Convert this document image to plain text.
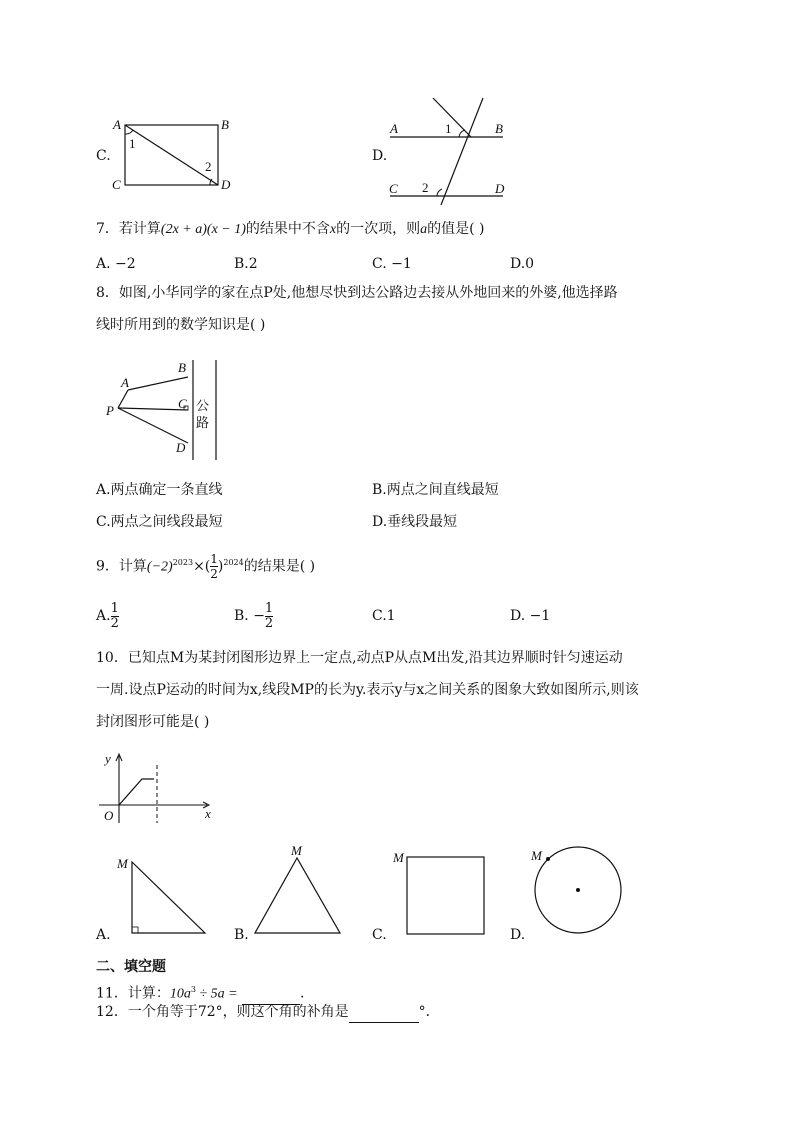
C.
A	B
C	D
1
2
D.
A	B
C	D
1
2
7．若计算(2x + a)(x − 1)的结果中不含x的一次项，则a的值是( )
A. −2	B.2	C. −1	D.0
8．如图,小华同学的家在点P处,他想尽快到达公路边去接从外地回来的外婆,他选择路
线时所用到的数学知识是( )
A
B
C
D
P	公
路
A.两点确定一条直线	B.两点之间直线最短
C.两点之间线段最短	D.垂线段最短
9．计算$(-2)^{2023}\times( \frac{1}{2} )^{2024}$的结果是( )
A. $\frac{1}{2}$	B. − $\frac{1}{2}$	C.1	D. −1
10．已知点M为某封闭图形边界上一定点,动点P从点M出发,沿其边界顺时针匀速运动
一周.设点P运动的时间为x,线段MP的长为y.表示y与x之间关系的图象大致如图所示,则该
封闭图形可能是( )
y
x
O
M
M	M	M
A.	B.	C.	D.
二、填空题
11．计算：$10a^3 \div 5a$ =	.
12．一个角等于72°，则这个角的补角是	°．
